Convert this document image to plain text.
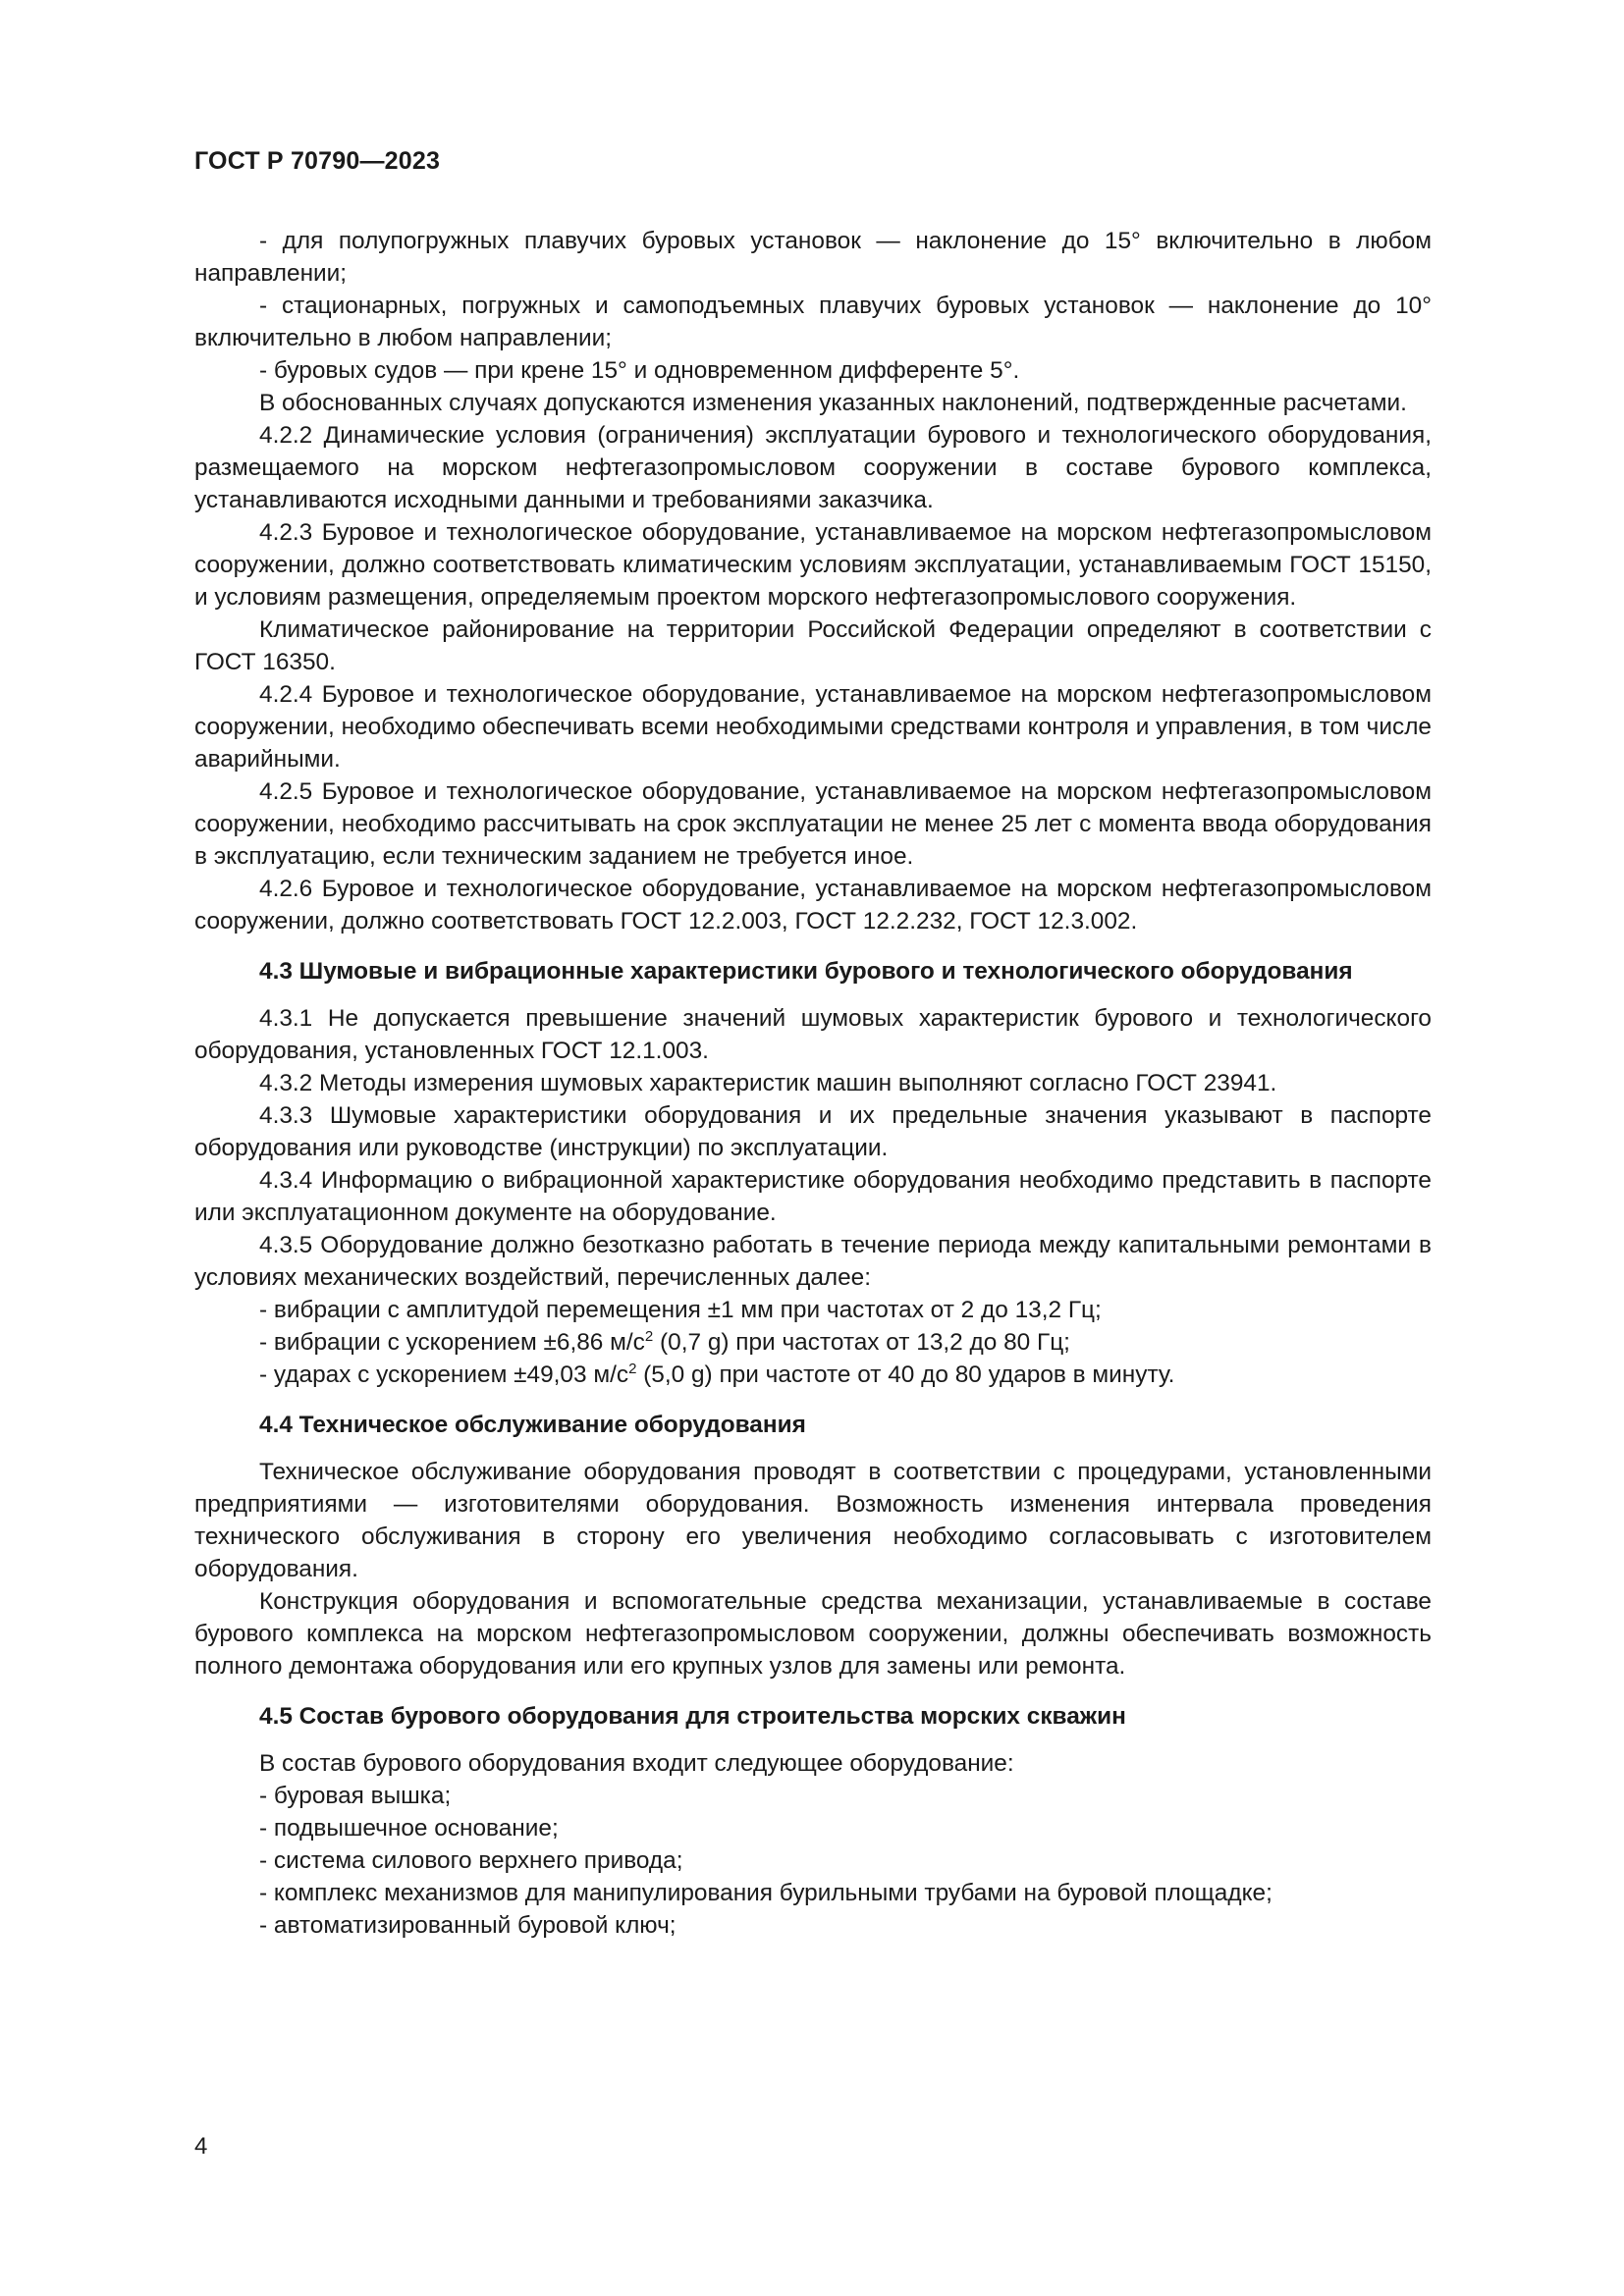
ГОСТ Р 70790—2023

- для полупогружных плавучих буровых установок — наклонение до 15° включительно в любом направлении;

- стационарных, погружных и самоподъемных плавучих буровых установок — наклонение до 10° включительно в любом направлении;

- буровых судов — при крене 15° и одновременном дифференте 5°.

В обоснованных случаях допускаются изменения указанных наклонений, подтвержденные расчетами.

4.2.2 Динамические условия (ограничения) эксплуатации бурового и технологического оборудования, размещаемого на морском нефтегазопромысловом сооружении в составе бурового комплекса, устанавливаются исходными данными и требованиями заказчика.

4.2.3 Буровое и технологическое оборудование, устанавливаемое на морском нефтегазопромысловом сооружении, должно соответствовать климатическим условиям эксплуатации, устанавливаемым ГОСТ 15150, и условиям размещения, определяемым проектом морского нефтегазопромыслового сооружения.

Климатическое районирование на территории Российской Федерации определяют в соответствии с ГОСТ 16350.

4.2.4 Буровое и технологическое оборудование, устанавливаемое на морском нефтегазопромысловом сооружении, необходимо обеспечивать всеми необходимыми средствами контроля и управления, в том числе аварийными.

4.2.5 Буровое и технологическое оборудование, устанавливаемое на морском нефтегазопромысловом сооружении, необходимо рассчитывать на срок эксплуатации не менее 25 лет с момента ввода оборудования в эксплуатацию, если техническим заданием не требуется иное.

4.2.6 Буровое и технологическое оборудование, устанавливаемое на морском нефтегазопромысловом сооружении, должно соответствовать ГОСТ 12.2.003, ГОСТ 12.2.232, ГОСТ 12.3.002.

4.3 Шумовые и вибрационные характеристики бурового и технологического оборудования

4.3.1 Не допускается превышение значений шумовых характеристик бурового и технологического оборудования, установленных ГОСТ 12.1.003.

4.3.2 Методы измерения шумовых характеристик машин выполняют согласно ГОСТ 23941.

4.3.3 Шумовые характеристики оборудования и их предельные значения указывают в паспорте оборудования или руководстве (инструкции) по эксплуатации.

4.3.4 Информацию о вибрационной характеристике оборудования необходимо представить в паспорте или эксплуатационном документе на оборудование.

4.3.5 Оборудование должно безотказно работать в течение периода между капитальными ремонтами в условиях механических воздействий, перечисленных далее:

- вибрации с амплитудой перемещения ±1 мм при частотах от 2 до 13,2 Гц;

- вибрации с ускорением ±6,86 $м/с^2$ (0,7 g) при частотах от 13,2 до 80 Гц;

- ударах с ускорением ±49,03 $м/с^2$ (5,0 g) при частоте от 40 до 80 ударов в минуту.

4.4 Техническое обслуживание оборудования

Техническое обслуживание оборудования проводят в соответствии с процедурами, установленными предприятиями — изготовителями оборудования. Возможность изменения интервала проведения технического обслуживания в сторону его увеличения необходимо согласовывать с изготовителем оборудования.

Конструкция оборудования и вспомогательные средства механизации, устанавливаемые в составе бурового комплекса на морском нефтегазопромысловом сооружении, должны обеспечивать возможность полного демонтажа оборудования или его крупных узлов для замены или ремонта.

4.5 Состав бурового оборудования для строительства морских скважин

В состав бурового оборудования входит следующее оборудование:

- буровая вышка;

- подвышечное основание;

- система силового верхнего привода;

- комплекс механизмов для манипулирования бурильными трубами на буровой площадке;

- автоматизированный буровой ключ;

4
